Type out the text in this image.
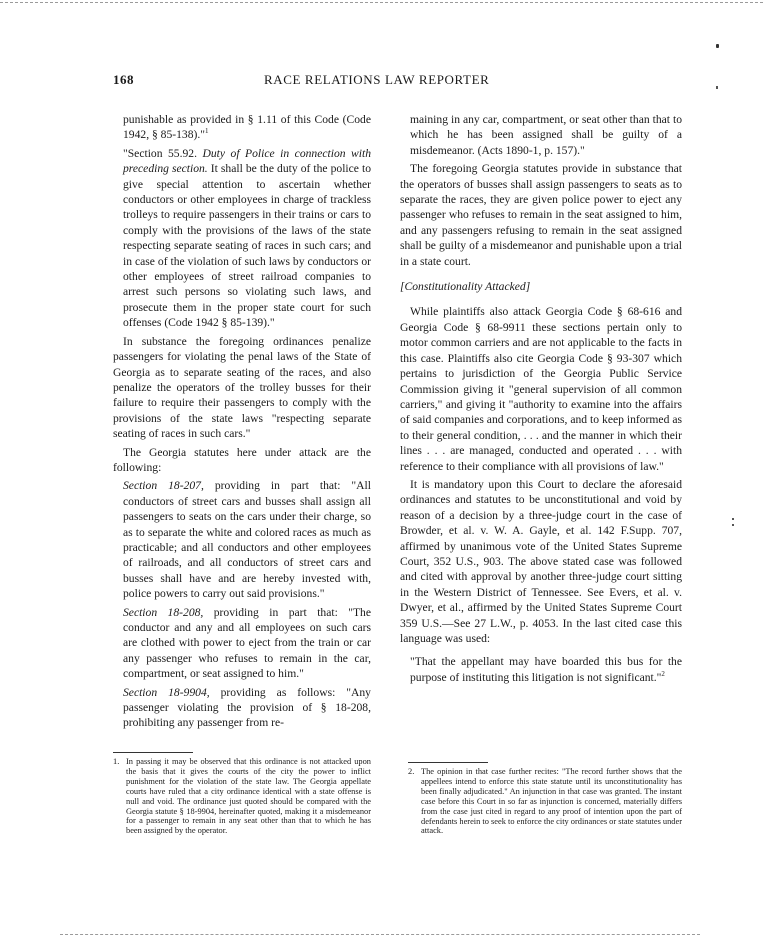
168	RACE RELATIONS LAW REPORTER

punishable as provided in § 1.11 of this Code (Code 1942, § 85-138)."$^1$

"Section 55.92. Duty of Police in connection with preceding section. It shall be the duty of the police to give special attention to ascertain whether conductors or other employees in charge of trackless trolleys to require passengers in their trains or cars to comply with the provisions of the laws of the state respecting separate seating of races in such cars; and in case of the violation of such laws by conductors or other employees of street railroad companies to arrest such persons so violating such laws, and prosecute them in the proper state court for such offenses (Code 1942 § 85-139)."

In substance the foregoing ordinances penalize passengers for violating the penal laws of the State of Georgia as to separate seating of the races, and also penalize the operators of the trolley busses for their failure to require their passengers to comply with the provisions of the state laws "respecting separate seating of races in such cars."

The Georgia statutes here under attack are the following:

Section 18-207, providing in part that: "All conductors of street cars and busses shall assign all passengers to seats on the cars under their charge, so as to separate the white and colored races as much as practicable; and all conductors and other employees of railroads, and all conductors of street cars and busses shall have and are hereby invested with, police powers to carry out said provisions."

Section 18-208, providing in part that: "The conductor and any and all employees on such cars are clothed with power to eject from the train or car any passenger who refuses to remain in the car, compartment, or seat assigned to him."

Section 18-9904, providing as follows: "Any passenger violating the provision of § 18-208, prohibiting any passenger from re-

maining in any car, compartment, or seat other than that to which he has been assigned shall be guilty of a misdemeanor. (Acts 1890-1, p. 157)."

The foregoing Georgia statutes provide in substance that the operators of busses shall assign passengers to seats as to separate the races, they are given police power to eject any passenger who refuses to remain in the seat assigned to him, and any passengers refusing to remain in the seat assigned shall be guilty of a misdemeanor and punishable upon a trial in a state court.

[Constitutionality Attacked]

While plaintiffs also attack Georgia Code § 68-616 and Georgia Code § 68-9911 these sections pertain only to motor common carriers and are not applicable to the facts in this case. Plaintiffs also cite Georgia Code § 93-307 which pertains to jurisdiction of the Georgia Public Service Commission giving it "general supervision of all common carriers," and giving it "authority to examine into the affairs of said companies and corporations, and to keep informed as to their general condition, . . . and the manner in which their lines . . . are managed, conducted and operated . . . with reference to their compliance with all provisions of law."

It is mandatory upon this Court to declare the aforesaid ordinances and statutes to be unconstitutional and void by reason of a decision by a three-judge court in the case of Browder, et al. v. W. A. Gayle, et al. 142 F.Supp. 707, affirmed by unanimous vote of the United States Supreme Court, 352 U.S., 903. The above stated case was followed and cited with approval by another three-judge court sitting in the Western District of Tennessee. See Evers, et al. v. Dwyer, et al., affirmed by the United States Supreme Court 359 U.S.—See 27 L.W., p. 4053. In the last cited case this language was used:

"That the appellant may have boarded this bus for the purpose of instituting this litigation is not significant."$^2$

1. In passing it may be observed that this ordinance is not attacked upon the basis that it gives the courts of the city the power to inflict punishment for the violation of the state law. The Georgia appellate courts have ruled that a city ordinance identical with a state offense is null and void. The ordinance just quoted should be compared with the Georgia statute § 18-9904, hereinafter quoted, making it a misdemeanor for a passenger to remain in any seat other than that to which he has been assigned by the operator.
2. The opinion in that case further recites: "The record further shows that the appellees intend to enforce this state statute until its unconstitutionality has been finally adjudicated." An injunction in that case was granted. The instant case before this Court in so far as injunction is concerned, materially differs from the case just cited in regard to any proof of intention upon the part of defendants herein to seek to enforce the city ordinances or state statutes under attack.
